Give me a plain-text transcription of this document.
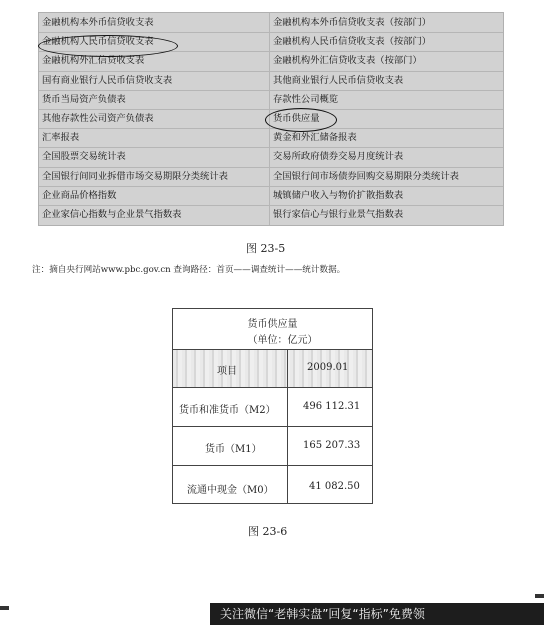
金融机构本外币信贷收支表	金融机构本外币信贷收支表（按部门）
金融机构人民币信贷收支表	金融机构人民币信贷收支表（按部门）
金融机构外汇信贷收支表	金融机构外汇信贷收支表（按部门）
国有商业银行人民币信贷收支表	其他商业银行人民币信贷收支表
货币当局资产负债表	存款性公司概览
其他存款性公司资产负债表	货币供应量
汇率报表	黄金和外汇储备报表
全国股票交易统计表	交易所政府债券交易月度统计表
全国银行间同业拆借市场交易期限分类统计表	全国银行间市场债券回购交易期限分类统计表
企业商品价格指数	城镇储户收入与物价扩散指数表
企业家信心指数与企业景气指数表	银行家信心与银行业景气指数表
图 23-5
注：摘自央行网站www.pbc.gov.cn 查询路径：首页——调查统计——统计数据。
货币供应量
（单位：亿元）
项目	2009.01
货币和准货币（M2）	496 112.31
货币（M1）	165 207.33
流通中现金（M0）	41 082.50
图 23-6
关注微信“老韩实盘”回复“指标”免费领
